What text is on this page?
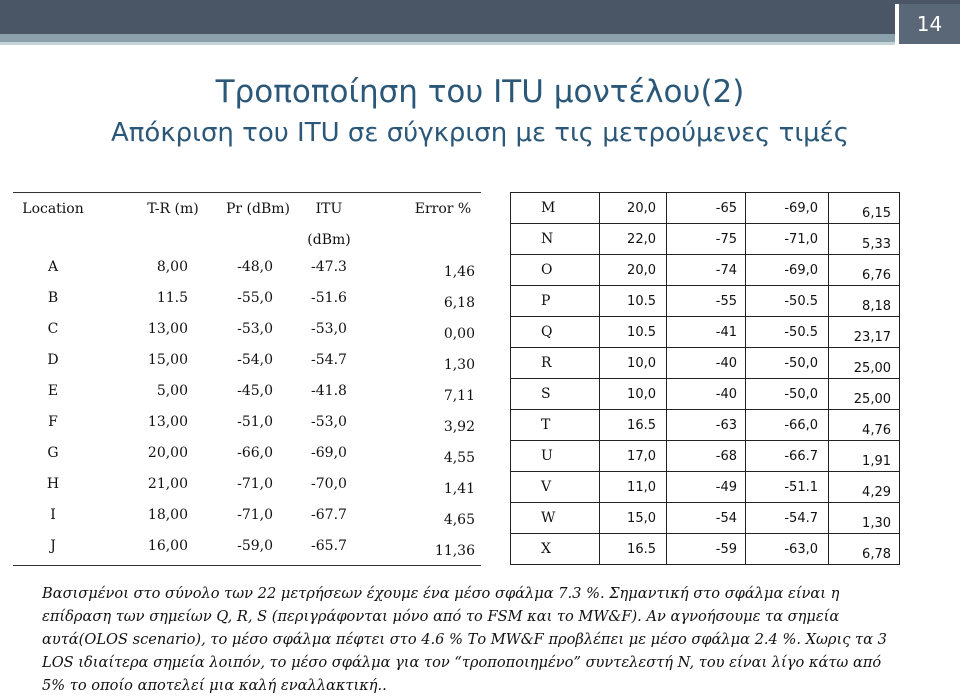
14
Τροποποίηση του ITU μοντέλου(2)
Απόκριση του ITU σε σύγκριση με τις μετρούμενες τιμές
Location	T-R (m)	Pr (dBm)	ITU	Error %
(dBm)
A	8,00	-48,0	-47.3	1,46
B	11.5	-55,0	-51.6	6,18
C	13,00	-53,0	-53,0	0,00
D	15,00	-54,0	-54.7	1,30
E	5,00	-45,0	-41.8	7,11
F	13,00	-51,0	-53,0	3,92
G	20,00	-66,0	-69,0	4,55
H	21,00	-71,0	-70,0	1,41
I	18,00	-71,0	-67.7	4,65
J	16,00	-59,0	-65.7	11,36
M	20,0	-65	-69,0	6,15
N	22,0	-75	-71,0	5,33
O	20,0	-74	-69,0	6,76
P	10.5	-55	-50.5	8,18
Q	10.5	-41	-50.5	23,17
R	10,0	-40	-50,0	25,00
S	10,0	-40	-50,0	25,00
T	16.5	-63	-66,0	4,76
U	17,0	-68	-66.7	1,91
V	11,0	-49	-51.1	4,29
W	15,0	-54	-54.7	1,30
X	16.5	-59	-63,0	6,78
Βασισμένοι στο σύνολο των 22 μετρήσεων έχουμε ένα μέσο σφάλμα 7.3 %. Σημαντική στο σφάλμα είναι η
επίδραση των σημείων Q, R, S (περιγράφονται μόνο από το FSM και το MW&F). Αν αγνοήσουμε τα σημεία
αυτά(OLOS scenario), το μέσο σφάλμα πέφτει στο 4.6 % Το MW&F προβλέπει με μέσο σφάλμα 2.4 %. Χωρις τα 3
LOS ιδιαίτερα σημεία λοιπόν, το μέσο σφάλμα για τον “τροποποιημένο” συντελεστή N, του είναι λίγο κάτω από
5% το οποίο αποτελεί μια καλή εναλλακτική..
